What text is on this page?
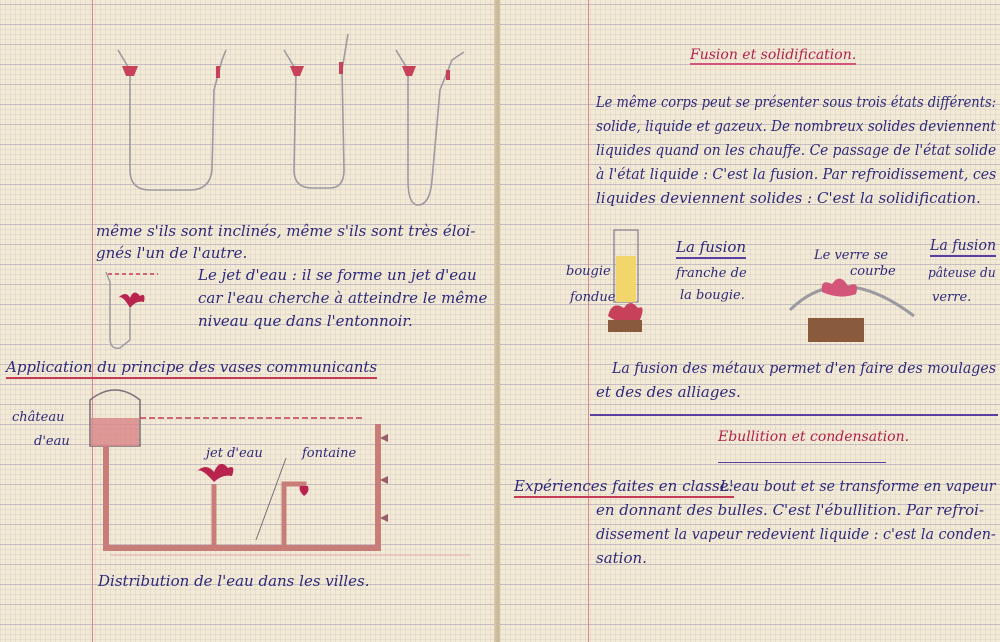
même s'ils sont inclinés, même s'ils sont très éloi-
gnés l'un de l'autre.
Le jet d'eau : il se forme un jet d'eau
car l'eau cherche à atteindre le même
niveau que dans l'entonnoir.
Application du principe des vases communicants
château
d'eau
jet d'eau	fontaine
Distribution de l'eau dans les villes.
Fusion et solidification.
Le même corps peut se présenter sous trois états différents:
solide, liquide et gazeux. De nombreux solides deviennent
liquides quand on les chauffe. Ce passage de l'état solide
à l'état liquide : C'est la fusion. Par refroidissement, ces
liquides deviennent solides : C'est la solidification.
bougie
fondue
La fusion
franche de
la bougie.
Le verre se
courbe
La fusion
pâteuse du
verre.
La fusion des métaux permet d'en faire des moulages
et des des alliages.
Ebullition et condensation.
Expériences faites en classe:
L'eau bout et se transforme en vapeur
en donnant des bulles. C'est l'ébullition. Par refroi-
dissement la vapeur redevient liquide : c'est la conden-
sation.
